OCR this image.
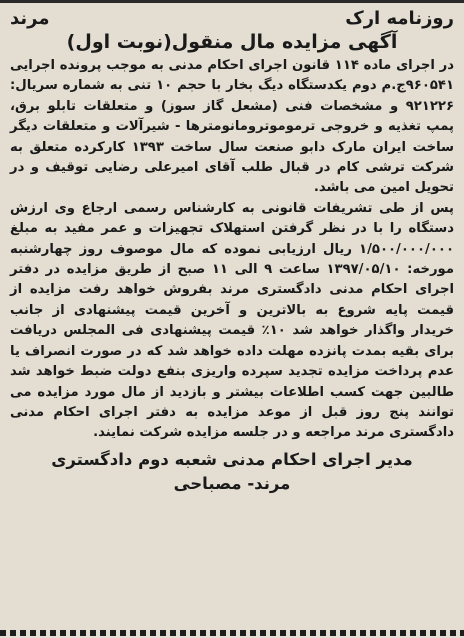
روزنامه ارک
مرند
آگهی مزایده مال منقول(نوبت اول)

در اجرای ماده ۱۱۴ قانون اجرای احکام مدنی به موجب پرونده اجرایی ۹۶۰۵۴۱ج.م دوم یکدستگاه دیگ بخار با حجم ۱۰ تنی به شماره سریال: ۹۲۱۲۲۶ و مشخصات فنی (مشعل گاز سوز) و متعلقات تابلو برق، پمپ تغذیه و خروجی ترموموترومانومترها - شیرآلات و متعلقات دیگر ساخت ایران مارک دابو صنعت سال ساخت ۱۳۹۳ کارکرده متعلق به شرکت ترشی کام در قبال طلب آقای امیرعلی رضایی توقیف و در تحویل امین می باشد.

پس از طی تشریفات قانونی به کارشناس رسمی ارجاع وی ارزش دستگاه را با در نظر گرفتن استهلاک تجهیزات و عمر مفید به مبلغ ۱/۵۰۰/۰۰۰/۰۰۰ ریال ارزیابی نموده که مال موصوف روز چهارشنبه مورخه: ۱۳۹۷/۰۵/۱۰ ساعت ۹ الی ۱۱ صبح از طریق مزایده در دفتر اجرای احکام مدنی دادگستری مرند بفروش خواهد رفت مزایده از قیمت پایه شروع به بالاترین و آخرین قیمت پیشنهادی از جانب خریدار واگذار خواهد شد ۱۰٪ قیمت پیشنهادی فی المجلس دریافت برای بقیه بمدت پانزده مهلت داده خواهد شد که در صورت انصراف یا عدم پرداخت مزایده تجدید سپرده واریزی بنفع دولت ضبط خواهد شد طالبین جهت کسب اطلاعات بیشتر و بازدید از مال مورد مزایده می توانند پنج روز قبل از موعد مزایده به دفتر اجرای احکام مدنی دادگستری مرند مراجعه و در جلسه مزایده شرکت نمایند.

مدیر اجرای احکام مدنی شعبه دوم دادگستری
مرند- مصباحی
